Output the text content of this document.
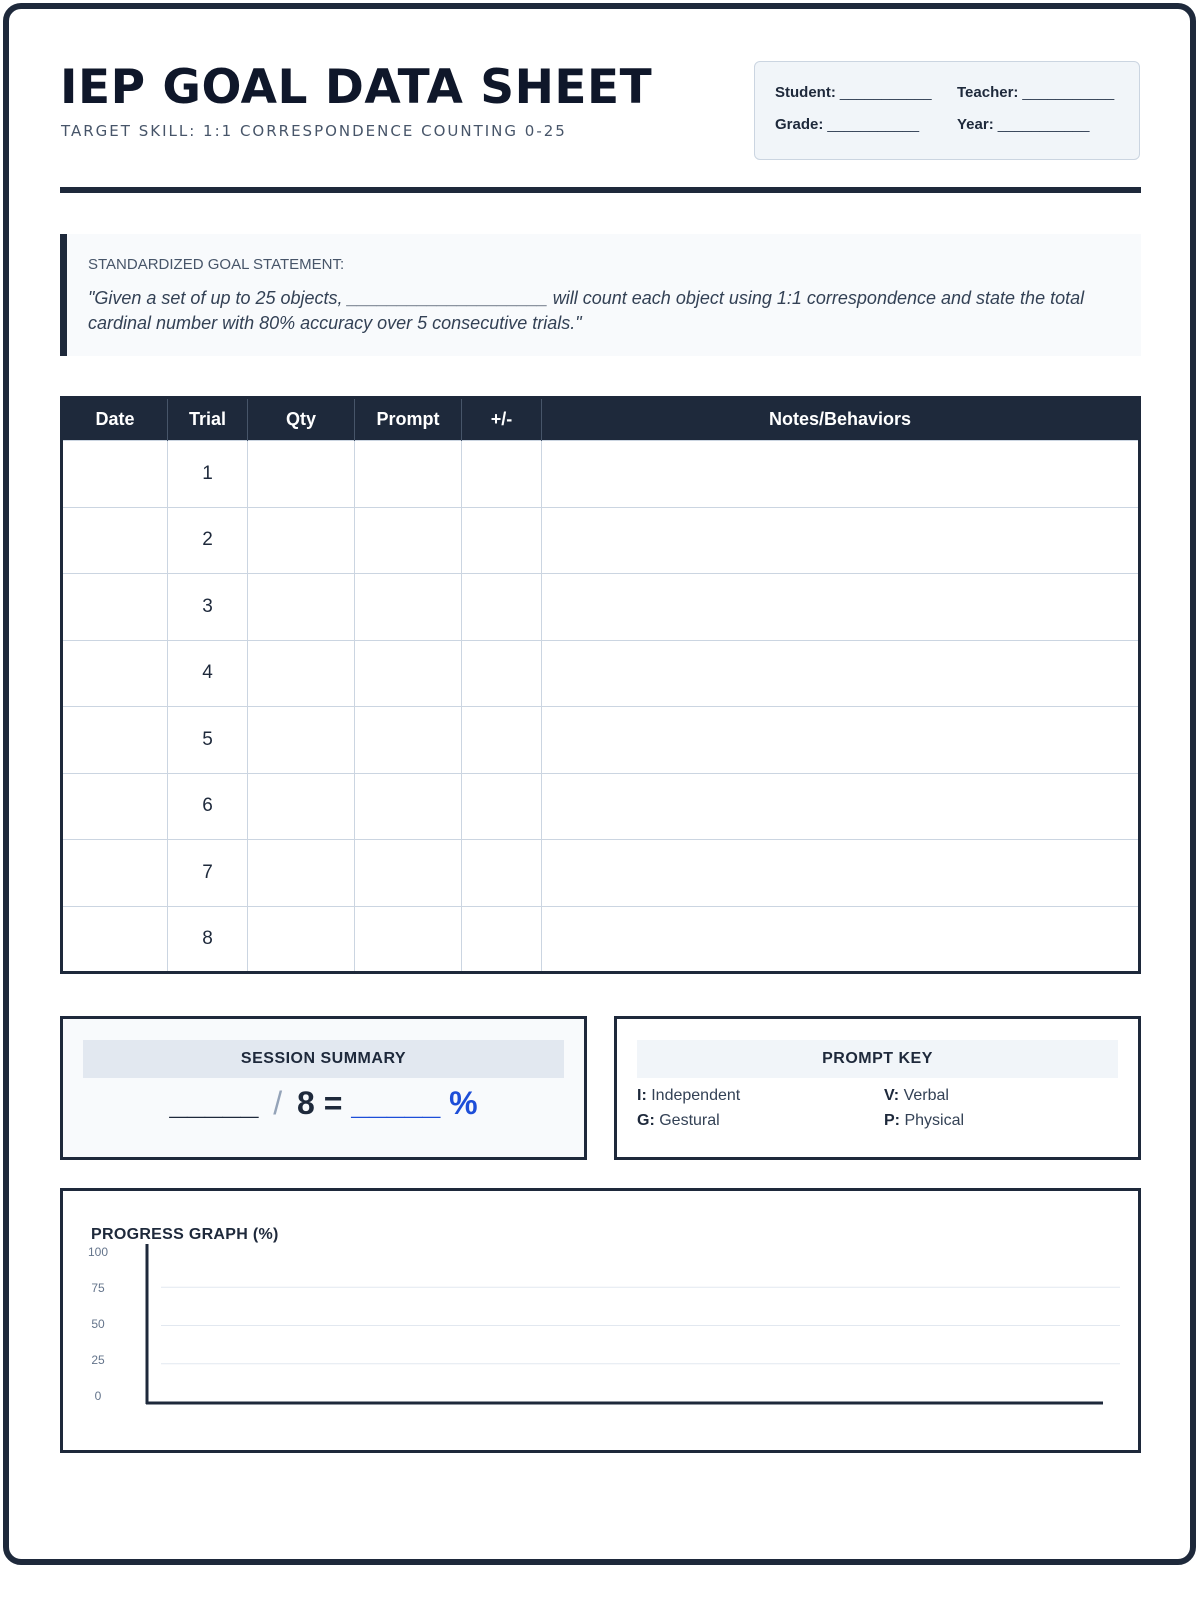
IEP GOAL DATA SHEET
TARGET SKILL: 1:1 CORRESPONDENCE COUNTING 0-25
Student: ___________ Teacher: ___________
Grade: ___________	Year: ___________
STANDARDIZED GOAL STATEMENT:
"Given a set of up to 25 objects, ____________________ will count each object using 1:1 correspondence and state the total cardinal number with 80% accuracy over 5 consecutive trials."
Date	Trial	Qty	Prompt	+/-	Notes/Behaviors
	1				
	2				
	3				
	4				
	5				
	6				
	7				
	8				
SESSION SUMMARY
_____ / 8 = _____ %
PROMPT KEY
I: Independent	V: Verbal
G: Gestural	P: Physical
PROGRESS GRAPH (%)
100
75
50
25
0
